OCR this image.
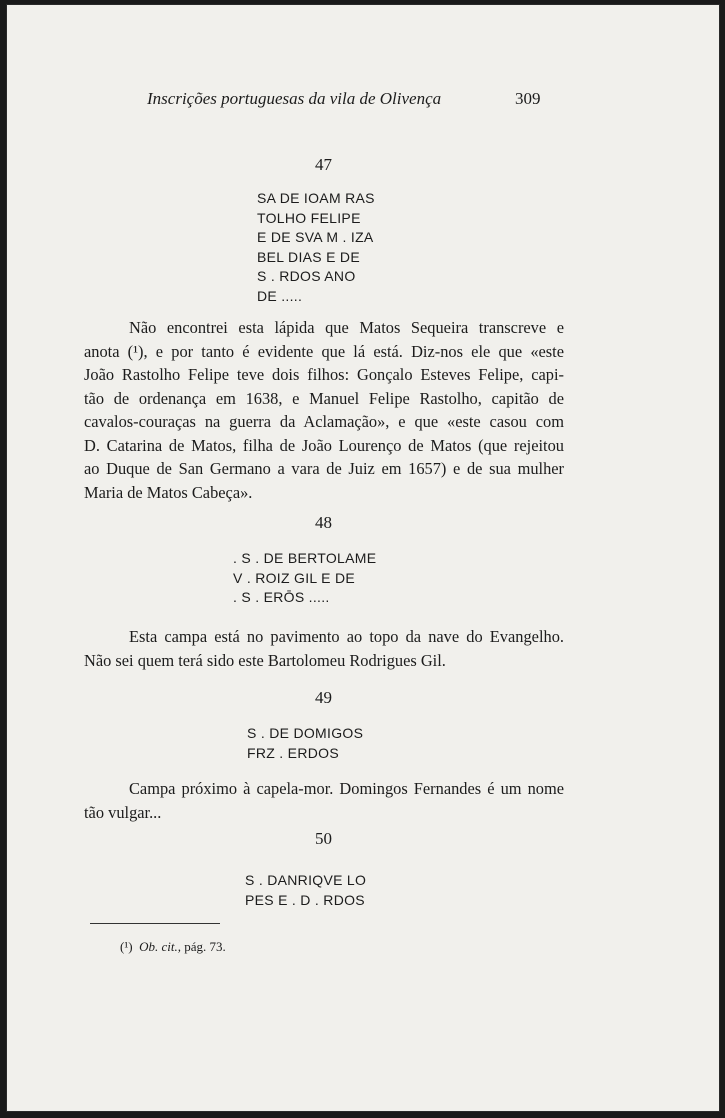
Inscrições portuguesas da vila de Olivença	309
47
SA DE IOAM RAS
TOLHO FELIPE
E DE SVA M . IZA
BEL DIAS E DE
S . RDOS ANO
DE .....
Não encontrei esta lápida que Matos Sequeira transcreve e
anota (¹), e por tanto é evidente que lá está. Diz-nos ele que «este
João Rastolho Felipe teve dois filhos: Gonçalo Esteves Felipe, capi-
tão de ordenança em 1638, e Manuel Felipe Rastolho, capitão de
cavalos-couraças na guerra da Aclamação», e que «este casou com
D. Catarina de Matos, filha de João Lourenço de Matos (que rejeitou
ao Duque de San Germano a vara de Juiz em 1657) e de sua mulher
Maria de Matos Cabeça».
48
. S . DE BERTOLAME
V . ROIZ GIL E DE
. S . ERŌS .....
Esta campa está no pavimento ao topo da nave do Evangelho.
Não sei quem terá sido este Bartolomeu Rodrigues Gil.
49
S . DE DOMIGOS
FRZ . ERDOS
Campa próximo à capela-mor. Domingos Fernandes é um nome
tão vulgar...
50
S . DANRIQVE LO
PES E . D . RDOS
(¹) Ob. cit., pág. 73.
